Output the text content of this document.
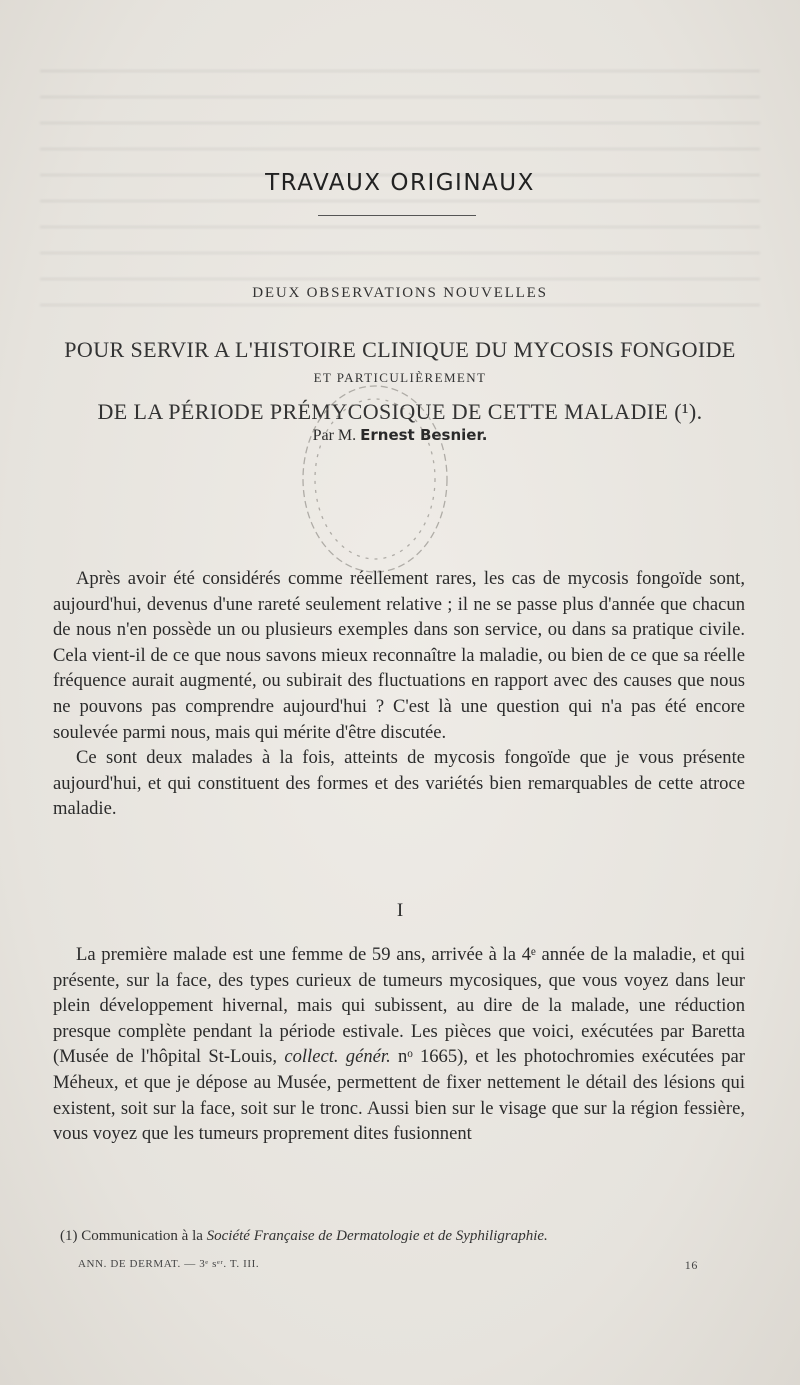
TRAVAUX ORIGINAUX
DEUX OBSERVATIONS NOUVELLES
POUR SERVIR A L'HISTOIRE CLINIQUE DU MYCOSIS FONGOIDE
ET PARTICULIÈREMENT
DE LA PÉRIODE PRÉMYCOSIQUE DE CETTE MALADIE (¹).
Par M. Ernest Besnier.

Après avoir été considérés comme réellement rares, les cas de mycosis fongoïde sont, aujourd'hui, devenus d'une rareté seulement relative ; il ne se passe plus d'année que chacun de nous n'en possède un ou plusieurs exemples dans son service, ou dans sa pratique civile. Cela vient-il de ce que nous savons mieux reconnaître la maladie, ou bien de ce que sa réelle fréquence aurait augmenté, ou subirait des fluctuations en rapport avec des causes que nous ne pouvons pas comprendre aujourd'hui ? C'est là une question qui n'a pas été encore soulevée parmi nous, mais qui mérite d'être discutée.

Ce sont deux malades à la fois, atteints de mycosis fongoïde que je vous présente aujourd'hui, et qui constituent des formes et des variétés bien remarquables de cette atroce maladie.

I

La première malade est une femme de 59 ans, arrivée à la 4ᵉ année de la maladie, et qui présente, sur la face, des types curieux de tumeurs mycosiques, que vous voyez dans leur plein développement hivernal, mais qui subissent, au dire de la malade, une réduction presque complète pendant la période estivale. Les pièces que voici, exécutées par Baretta (Musée de l'hôpital St-Louis, collect. génér. nᵒ 1665), et les photochromies exécutées par Méheux, et que je dépose au Musée, permettent de fixer nettement le détail des lésions qui existent, soit sur la face, soit sur le tronc. Aussi bien sur le visage que sur la région fessière, vous voyez que les tumeurs proprement dites fusionnent

(1) Communication à la Société Française de Dermatologie et de Syphiligraphie.
ANN. DE DERMAT. — 3ᵉ sᵉʳ. T. III.	16
